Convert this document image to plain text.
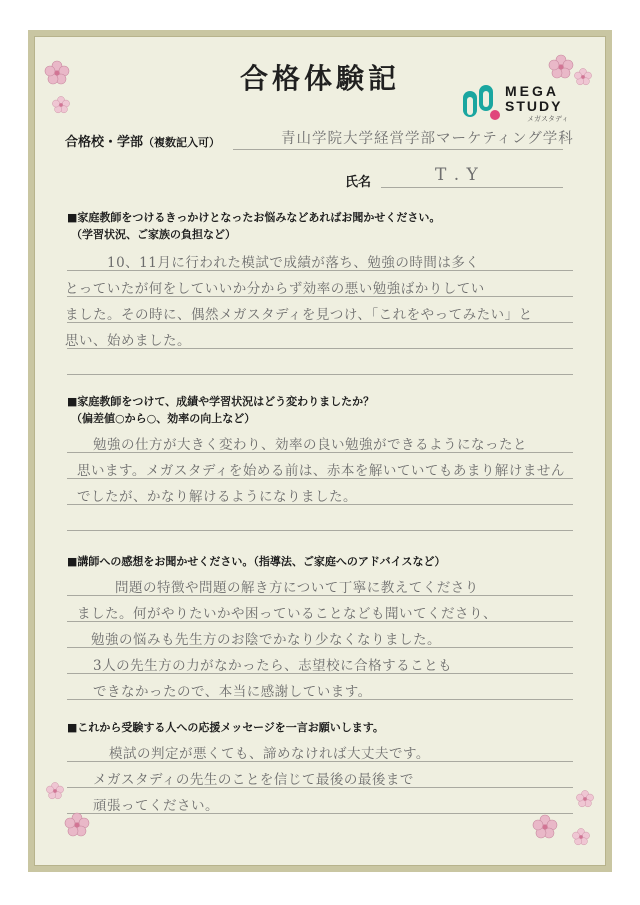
合格体験記	MEGA
STUDY
メガスタディ
合格校・学部（複数記入可）	青山学院大学経営学部マーケティング学科
氏名	T . Y
■家庭教師をつけるきっかけとなったお悩みなどあればお聞かせください。
（学習状況、ご家族の負担など）
10、11月に行われた模試で成績が落ち、勉強の時間は多く
とっていたが何をしていいか分からず効率の悪い勉強ばかりしてい
ました。その時に、偶然メガスタディを見つけ、「これをやってみたい」と
思い、始めました。
■家庭教師をつけて、成績や学習状況はどう変わりましたか？
（偏差値○から○、効率の向上など）
勉強の仕方が大きく変わり、効率の良い勉強ができるようになったと
思います。メガスタディを始める前は、赤本を解いていてもあまり解けません
でしたが、かなり解けるようになりました。
■講師への感想をお聞かせください。（指導法、ご家庭へのアドバイスなど）
問題の特徴や問題の解き方について丁寧に教えてくださり
ました。何がやりたいかや困っていることなども聞いてくださり、
勉強の悩みも先生方のお陰でかなり少なくなりました。
3人の先生方の力がなかったら、志望校に合格することも
できなかったので、本当に感謝しています。
■これから受験する人への応援メッセージを一言お願いします。
模試の判定が悪くても、諦めなければ大丈夫です。
メガスタディの先生のことを信じて最後の最後まで
頑張ってください。
